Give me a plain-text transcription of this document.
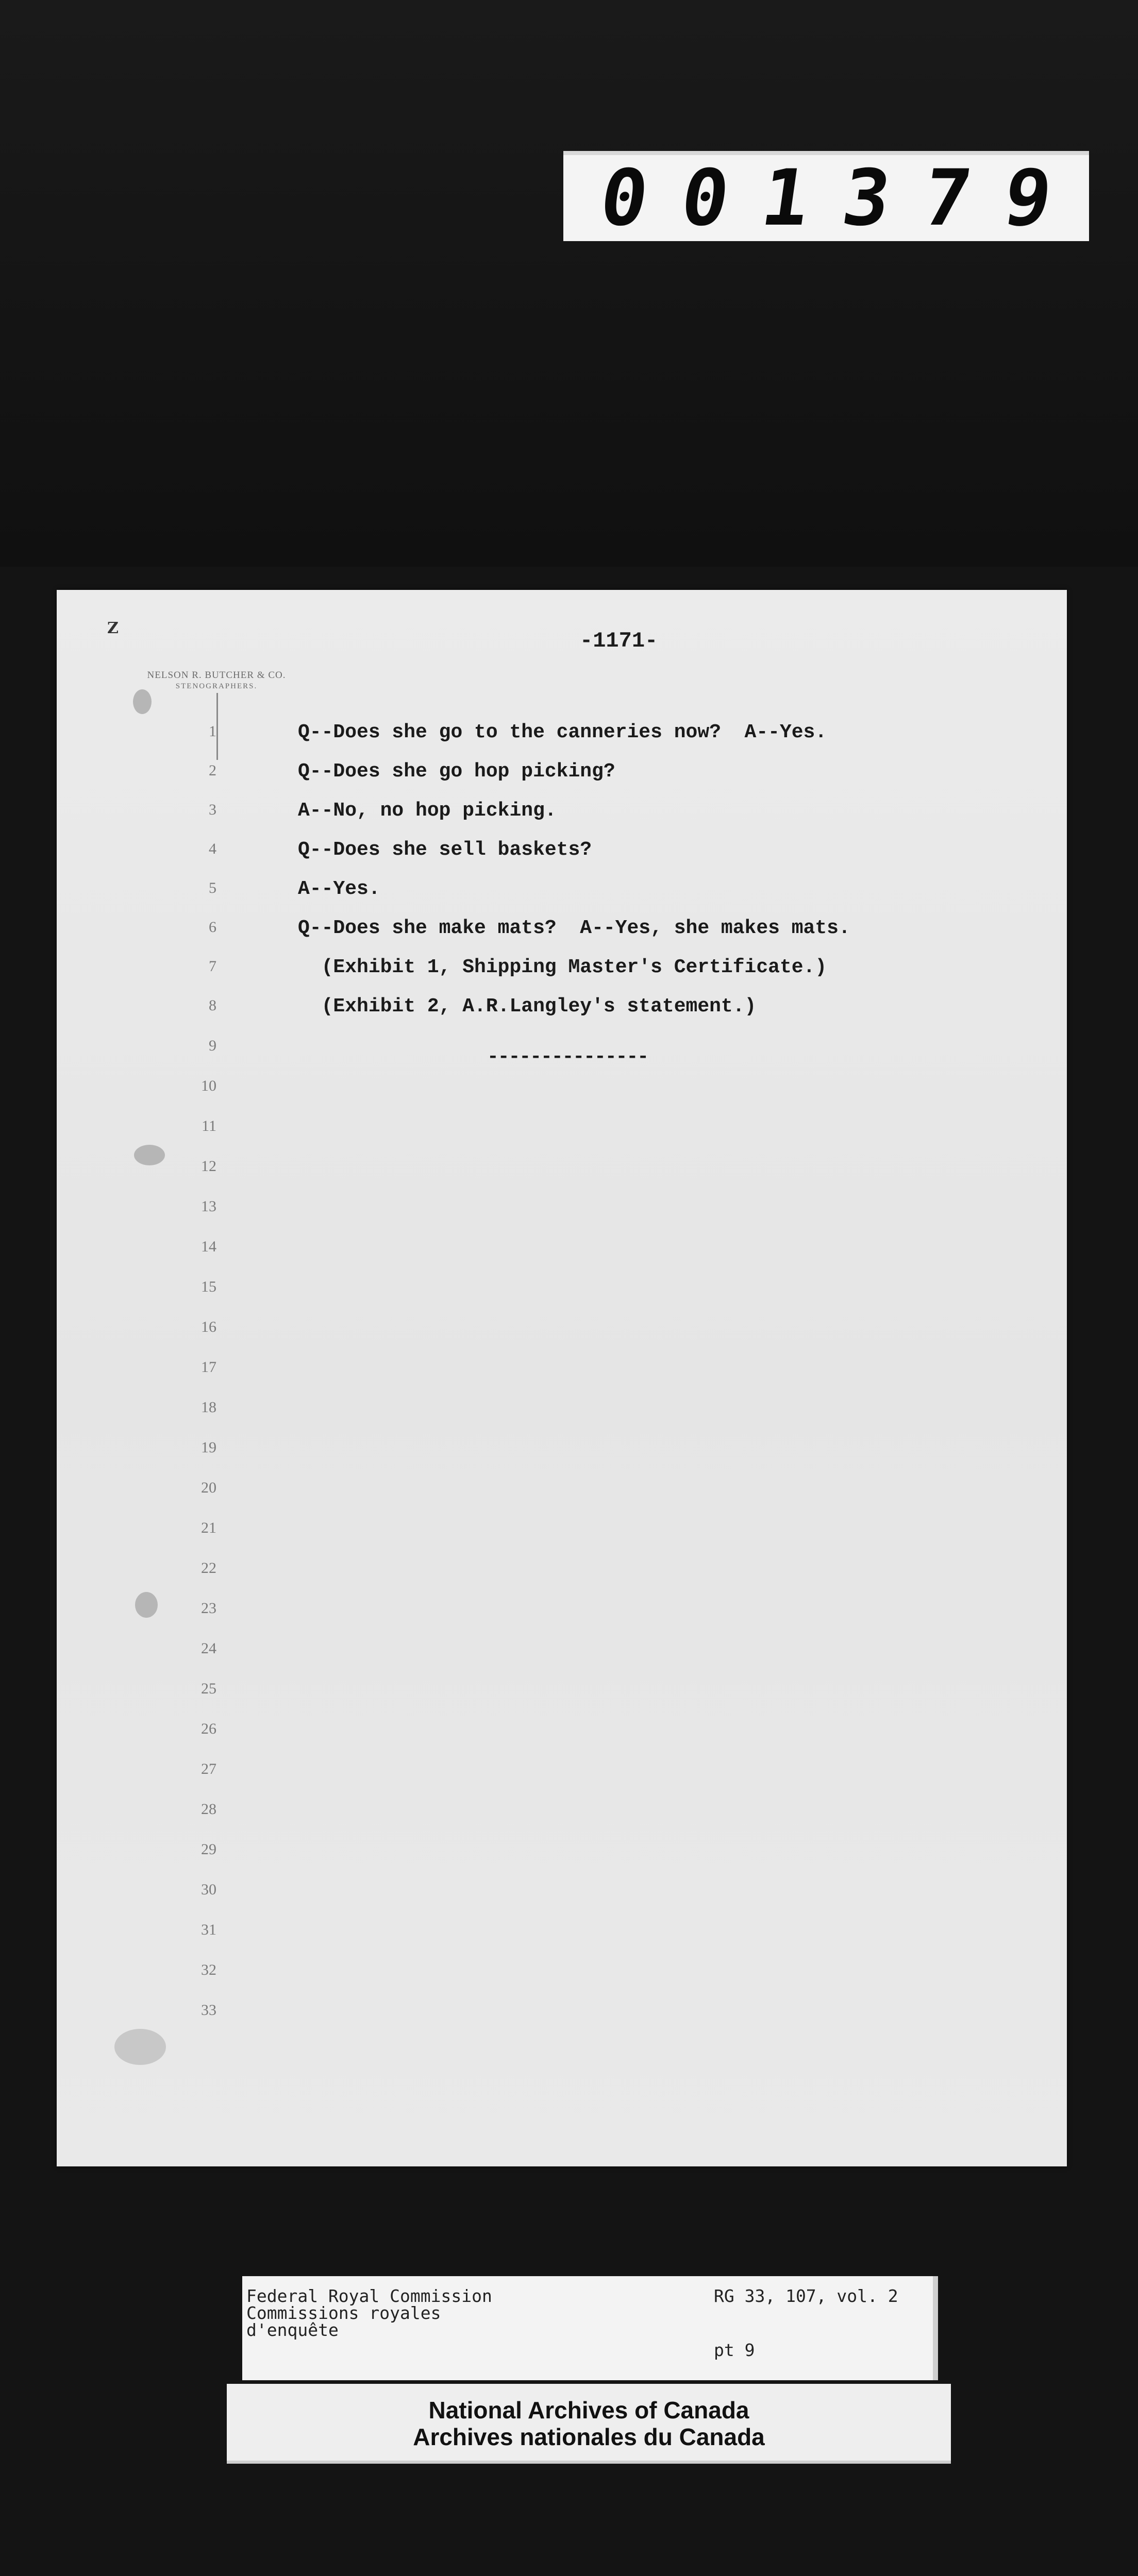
0 0 1 3 7 9
Z
NELSON R. BUTCHER & CO.
STENOGRAPHERS.
-1171-
1
2
3
4
5
6
7
8
9
10
11
12
13
14
15
16
17
18
19
20
21
22
23
24
25
26
27
28
29
30
31
32
33
Q--Does she go to the canneries now?  A--Yes.
Q--Does she go hop picking?
A--No, no hop picking.
Q--Does she sell baskets?
A--Yes.
Q--Does she make mats?  A--Yes, she makes mats.
(Exhibit 1, Shipping Master's Certificate.)
(Exhibit 2, A.R.Langley's statement.)
---------------
Federal Royal Commission
Commissions royales
d'enquête
RG 33, 107, vol. 2
pt 9
National Archives of Canada
Archives nationales du Canada
